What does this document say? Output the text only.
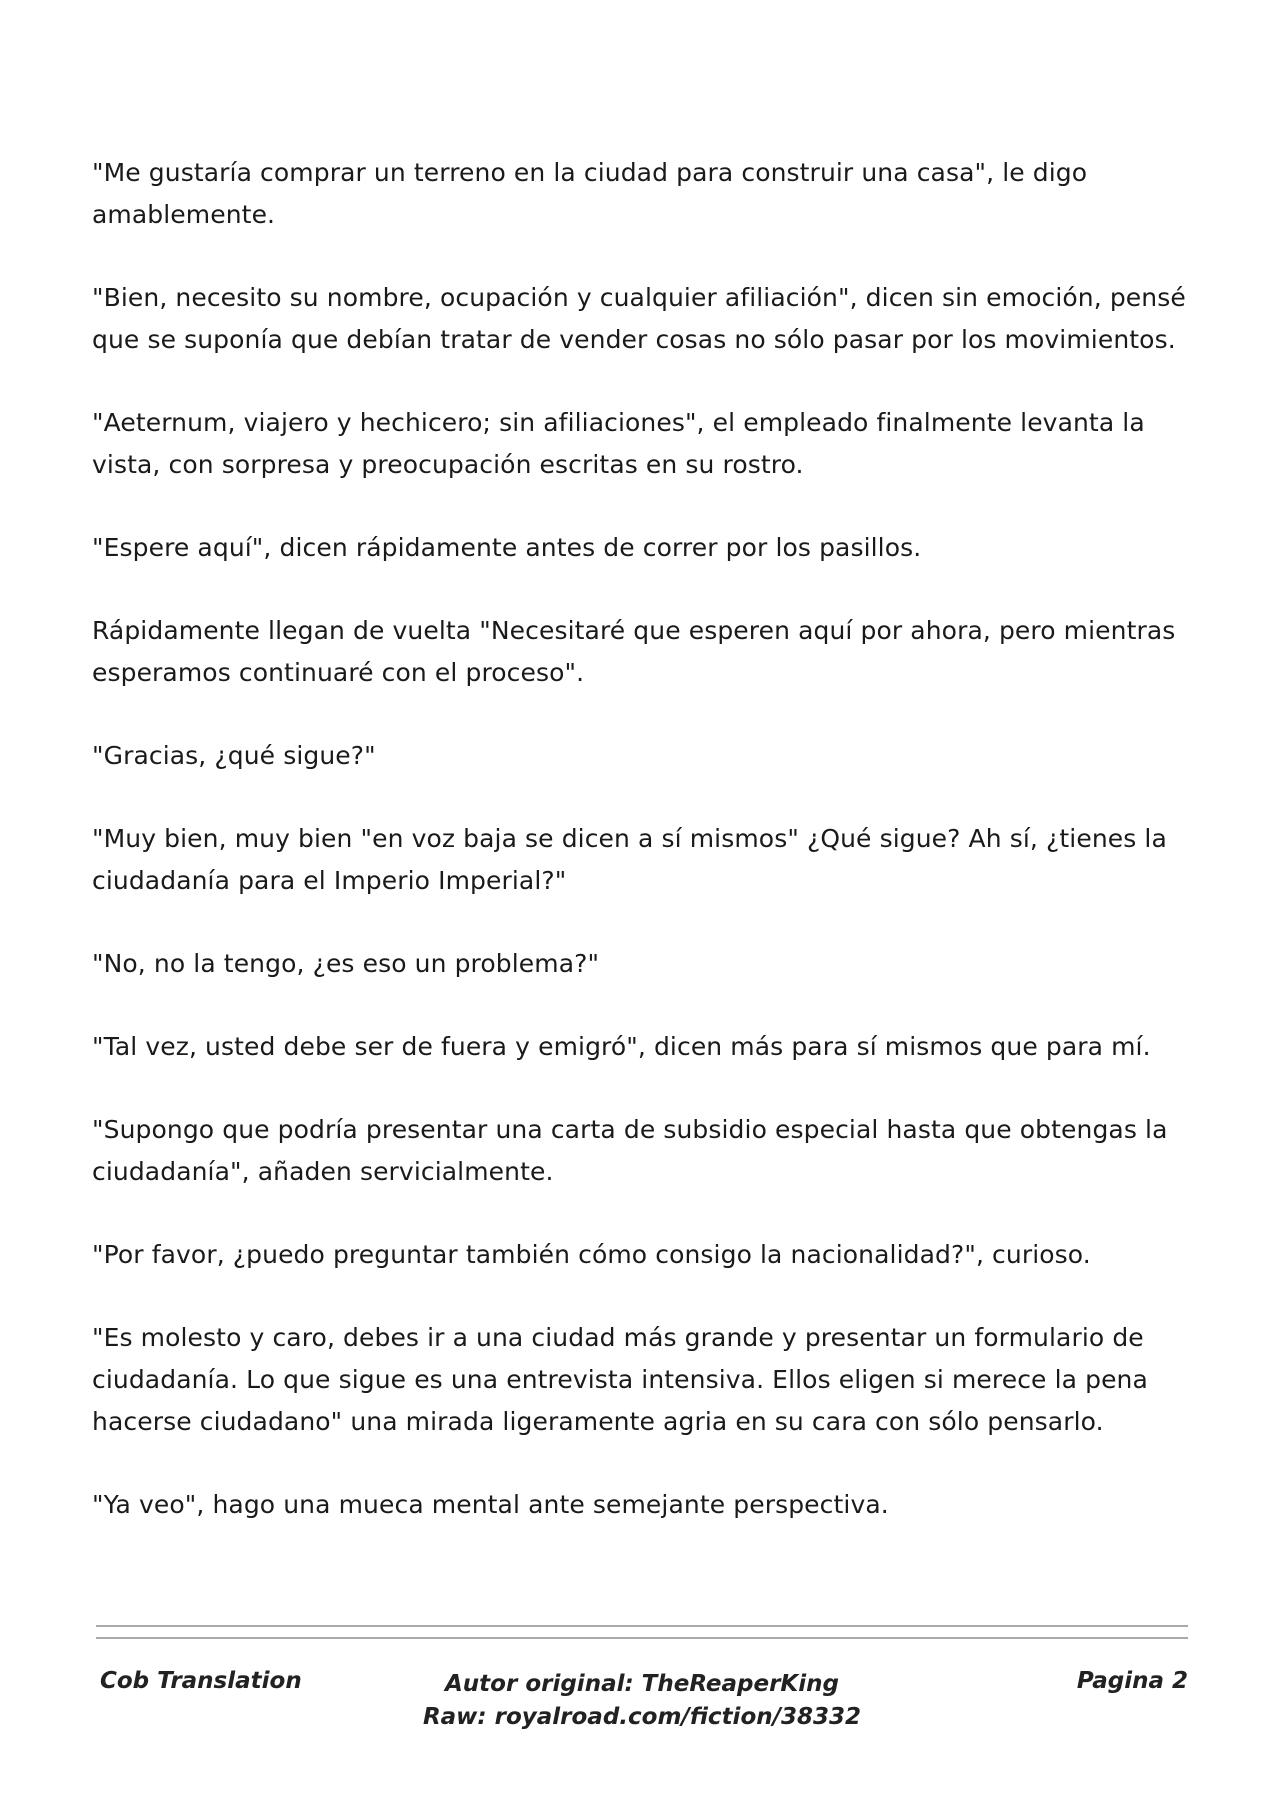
"Me gustaría comprar un terreno en la ciudad para construir una casa", le digo amablemente.

"Bien, necesito su nombre, ocupación y cualquier afiliación", dicen sin emoción, pensé que se suponía que debían tratar de vender cosas no sólo pasar por los movimientos.

"Aeternum, viajero y hechicero; sin afiliaciones", el empleado finalmente levanta la vista, con sorpresa y preocupación escritas en su rostro.

"Espere aquí", dicen rápidamente antes de correr por los pasillos.

Rápidamente llegan de vuelta "Necesitaré que esperen aquí por ahora, pero mientras esperamos continuaré con el proceso".

"Gracias, ¿qué sigue?"

"Muy bien, muy bien "en voz baja se dicen a sí mismos" ¿Qué sigue? Ah sí, ¿tienes la ciudadanía para el Imperio Imperial?"

"No, no la tengo, ¿es eso un problema?"

"Tal vez, usted debe ser de fuera y emigró", dicen más para sí mismos que para mí.

"Supongo que podría presentar una carta de subsidio especial hasta que obtengas la ciudadanía", añaden servicialmente.

"Por favor, ¿puedo preguntar también cómo consigo la nacionalidad?", curioso.

"Es molesto y caro, debes ir a una ciudad más grande y presentar un formulario de ciudadanía. Lo que sigue es una entrevista intensiva. Ellos eligen si merece la pena hacerse ciudadano" una mirada ligeramente agria en su cara con sólo pensarlo.

"Ya veo", hago una mueca mental ante semejante perspectiva.

Cob Translation	Autor original: TheReaperKing
Raw: royalroad.com/fiction/38332
Pagina 2
